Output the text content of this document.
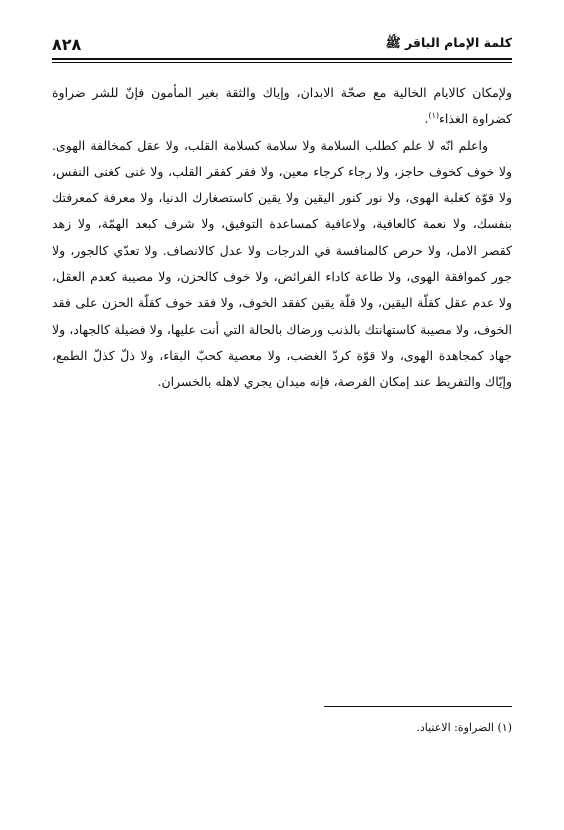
٨٢٨	كلمة الإمام الباقر ﷺ

ولإمكان كالايام الخالية مع صحّة الابدان، وإياك والثقة بغير المأمون فإنّ للشر ضراوة كضراوة الغذاء$^{(١)}$.

واعلم انّه لا علم كطلب السلامة ولا سلامة كسلامة القلب، ولا عقل كمخالفة الهوى. ولا خوف كخوف حاجز، ولا رجاء كرجاء معين، ولا فقر كفقر القلب، ولا غنى كغنى النفس، ولا قوّة كغلبة الهوى، ولا نور كنور اليقين ولا يقين كاستصغارك الدنيا، ولا معرفة كمعرفتك بنفسك، ولا نعمة كالعافية، ولاعافية كمساعدة التوفيق، ولا شرف كبعد الهمّة، ولا زهد كقصر الامل، ولا حرص كالمنافسة في الدرجات ولا عدل كالانصاف. ولا تعدّي كالجور، ولا جور كموافقة الهوى، ولا طاعة كاداء الفرائض، ولا خوف كالحزن، ولا مصيبة كعدم العقل، ولا عدم عقل كقلّة اليقين، ولا قلّة يقين كفقد الخوف، ولا فقد خوف كقلّة الحزن على فقد الخوف، ولا مصيبة كاستهانتك بالذنب ورضاك بالحالة التي أنت عليها، ولا فضيلة كالجهاد، ولا جهاد كمجاهدة الهوى، ولا قوّة كردّ الغضب، ولا معصية كحبّ البقاء، ولا ذلّ كذلّ الطمع، وإيّاك والتفريط عند إمكان الفرصة، فإنه ميدان يجري لاهله بالخسران.

(١) الضراوة: الاعتياد.
